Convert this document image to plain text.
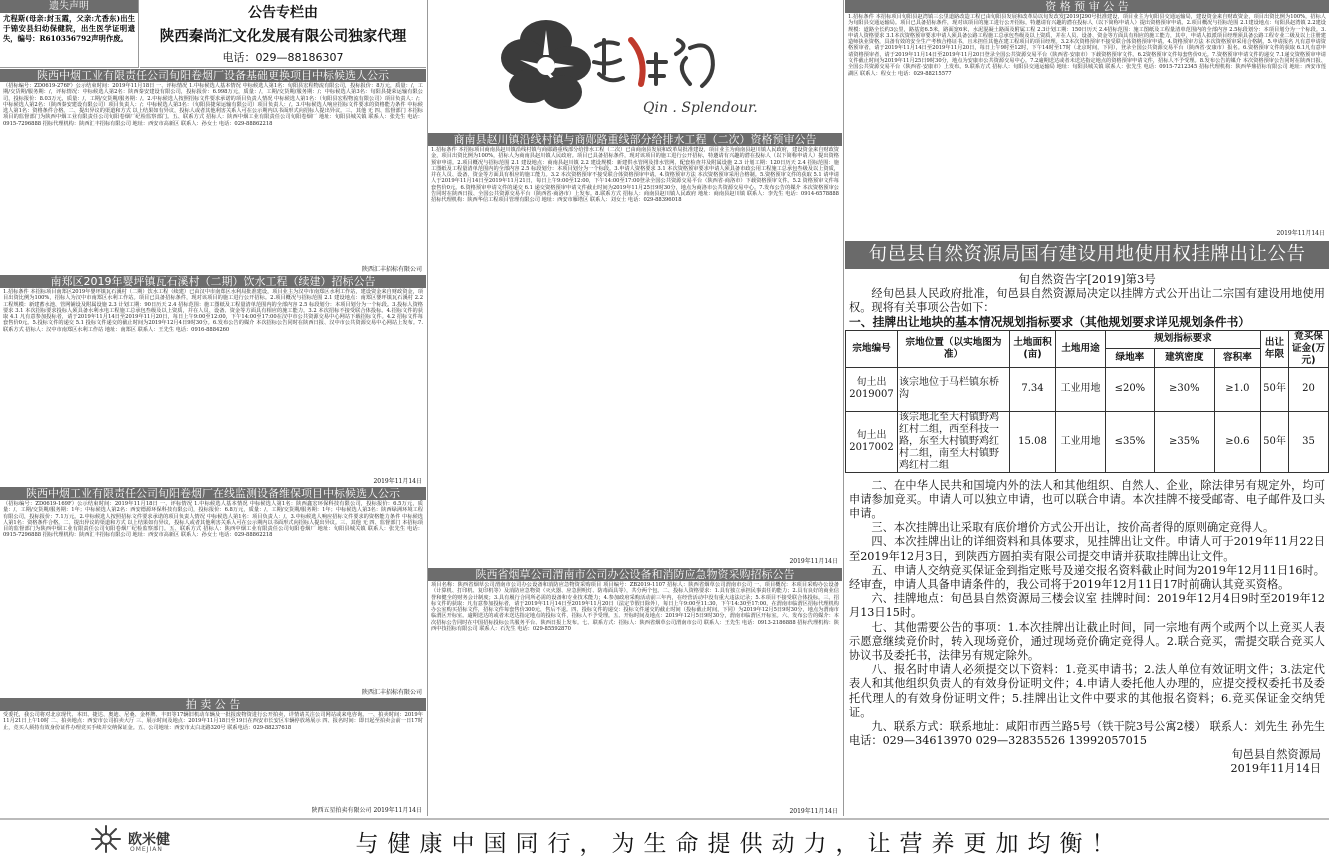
遗失声明
尤程斯(母亲:封玉霞，父亲:尤香东)出生于锦安县妇幼保健院，出生医学证明遗失，编号：R610356792声明作废。
公告专栏由
陕西秦尚汇文化发展有限公司独家代理
电话：029—88186307
陕西中烟工业有限责任公司旬阳卷烟厂设备基础更换项目中标候选人公示
（招标编号：ZD0619-276F）公示结束时间：2019年11月18日 一、评标情况 1.中标候选人基本情况 中标候选人第1名：旬阳县宏程物流有限公司，投标报价：8万元，质量：/，工期/交货期/服务期：/，评标情况：中标候选人第2名：陕西秦安建设有限公司，投标报价：6.998万元，质量：/，工期/交货期/服务期：/；中标候选人第3名：旬阳县捷荣运输有限公司，投标报价：8.03万元，质量：/，工期/交货期/服务期：/。2.中标候选人按照招标文件要求承诺的项目负责人情况 中标候选人第1名：（旬阳县宏程物流有限公司）项目负责人：/；中标候选人第2名：（陕西秦安建设有限公司）项目负责人：/；中标候选人第3名：（旬阳县捷荣运输有限公司）项目负责人：/。3.中标候选人响应招标文件要求的资格能力条件 中标候选人第1名：资格条件合格。二、提出异议的渠道和方式 以上结果如有异议，投标人或者其他利害关系人可在公示期内以书面形式向招标人提出异议。三、其他 无 四、监督部门 本招标项目的监督部门为陕西中烟工业有限责任公司旬阳卷烟厂纪检监察部门。五、联系方式 招标人：陕西中烟工业有限责任公司旬阳卷烟厂 地址：旬阳县城关镇 联系人：张先生 电话：0915-7296888 招标代理机构：陕西汇丰招标有限公司 地址：西安市高新区 联系人：孙女士 电话：029-88862218
陕西汇丰招标有限公司
南郑区2019年婴坪镇瓦石溪村（二期）饮水工程（续建）招标公告
1.招标条件 本招标项目南郑区2019年婴坪镇瓦石溪村（二期）饮水工程（续建）已由汉中市南郑区水利局批准建设，项目业主为汉中市南郑区水利工作站，建设资金来自财政资金，项目出资比例为100%，招标人为汉中市南郑区水利工作站。项目已具备招标条件，现对该项目的施工进行公开招标。2.项目概况与招标范围 2.1 建设地点：南郑区婴坪镇瓦石溪村 2.2 工程规模：新建蓄水池、管网铺设及附属设施 2.3 计划工期：90日历天 2.4 招标范围：施工图纸及工程量清单范围内的全部内容 2.5 标段划分：本项目划分为一个标段。3.投标人资格要求 3.1 本次招标要求投标人须具备水利水电工程施工总承包叁级及以上资质，并在人员、设备、资金等方面具有相应的施工能力。3.2 本次招标不接受联合体投标。4.招标文件的获取 4.1 凡有意参加投标者，请于2019年11月14日至2019年11月20日，每日上午9:00至12:00，下午14:00至17:00在汉中市公共资源交易中心网站下载招标文件。4.2 招标文件每套售价0元。5.投标文件的递交 5.1 投标文件递交的截止时间为2019年12月4日9时30分。6.发布公告的媒介 本次招标公告同时在陕西日报、汉中市公共资源交易中心网站上发布。7.联系方式 招标人：汉中市南郑区水利工作站 地址：南郑区 联系人：王先生 电话：0916-8884260
2019年11月14日
陕西中烟工业有限责任公司旬阳卷烟厂在线监测设备维保项目中标候选人公示
（招标编号：ZD0619-169F）公示结束时间：2019年11月18日 一、评标情况 1.中标候选人基本情况 中标候选人第1名：陕西鑫宏环保科技有限公司，投标报价：6.5万元，质量：/，工期/交货期/服务期：1年；中标候选人第2名：西安德源环保科技有限公司，投标报价：6.8万元，质量：/，工期/交货期/服务期：1年；中标候选人第3名：陕西绿洲环境工程有限公司，投标报价：7.1万元。2.中标候选人按照招标文件要求承诺的项目负责人情况 中标候选人第1名：项目负责人：/。3.中标候选人响应招标文件要求的资格能力条件 中标候选人第1名：资格条件合格。二、提出异议的渠道和方式 以上结果如有异议，投标人或者其他利害关系人可在公示期内以书面形式向招标人提出异议。三、其他 无 四、监督部门 本招标项目的监督部门为陕西中烟工业有限责任公司旬阳卷烟厂纪检监察部门。五、联系方式 招标人：陕西中烟工业有限责任公司旬阳卷烟厂 地址：旬阳县城关镇 联系人：张先生 电话：0915-7296888 招标代理机构：陕西汇丰招标有限公司 地址：西安市高新区 联系人：孙女士 电话：029-88862218
陕西汇丰招标有限公司
拍 卖 公 告
受委托，我公司将对北京现代、本田、捷达、奥迪、尼桑、金杯牌、丰田等17辆旧机动车辆及一批报废物资进行公开拍卖，详情请关注公司网站或来电咨询。一、拍卖时间：2019年11月21日上午10时 二、拍卖地点：西安市公司拍卖大厅 三、展示时间及地点：2019年11月18日至19日在西安市长安区车辆停放场展示 四、报名时间：即日起至拍卖会前一日17时止，竞买人须持有效身份证件办理竞买手续并交纳保证金。五、公司地址：西安市太白北路320号 联系电话：029-88237618
陕西五星拍卖有限公司 2019年11月14日
Qin . Splendour.
商南县赵川镇沿线村镇与商郧路重线部分给排水工程（二次）资格预审公告
1.招标条件 本招标项目商南县赵川镇沿线村镇与商郧路重线部分给排水工程（二次）已由商南县发展和改革局批准建设，项目业主为商南县赵川镇人民政府，建设资金来自财政资金，项目出资比例为100%，招标人为商南县赵川镇人民政府。项目已具备招标条件，现对该项目的施工进行公开招标，特邀请有兴趣的潜在投标人（以下简称申请人）提出资格预审申请。2.项目概况与招标范围 2.1 建设地点：商南县赵川镇 2.2 建设规模：新建供水管网及排水管网、配套检查井及附属设施 2.3 计划工期：120日历天 2.4 招标范围：施工图纸及工程量清单范围内的全部内容 2.5 标段划分：本项目划分为一个标段。3.申请人资格要求 3.1 本次资格预审要求申请人须具备市政公用工程施工总承包叁级及以上资质，并在人员、设备、资金等方面具有相应的施工能力。3.2 本次资格预审不接受联合体资格预审申请。4.资格预审方法 本次资格预审采用合格制。5.资格预审文件的获取 5.1 请申请人于2019年11月14日至2019年11月21日，每日上午9:00至12:00，下午14:00至17:00登录全国公共资源交易平台（陕西省·商洛市）下载资格预审文件。5.2 资格预审文件每套售价0元。6.资格预审申请文件的递交 6.1 递交资格预审申请文件截止时间为2019年11月25日9时30分，地点为商洛市公共资源交易中心。7.发布公告的媒介 本次资格预审公告同时在陕西日报、全国公共资源交易平台（陕西省·商洛市）上发布。8.联系方式 招标人：商南县赵川镇人民政府 地址：商南县赵川镇 联系人：李先生 电话：0914-6578888 招标代理机构：陕西华信工程项目管理有限公司 地址：西安市雁塔区 联系人：刘女士 电话：029-88396018
2019年11月14日
陕西省烟草公司渭南市公司办公设备和消防应急物资采购招标公告
项目名称：陕西省烟草公司渭南市公司办公设备和消防应急物资采购项目 项目编号：ZB2019-1107 招标人：陕西省烟草公司渭南市公司 一、项目概况：本项目采购办公设备（计算机、打印机、复印机等）及消防应急物资（灭火器、应急照明灯、防毒面具等），共分两个包。二、投标人资格要求：1.具有独立承担民事责任的能力；2.具有良好的商业信誉和健全的财务会计制度；3.具有履行合同所必需的设备和专业技术能力；4.参加政府采购活动前三年内，在经营活动中没有重大违法记录；5.本项目不接受联合体投标。三、招标文件的获取：凡有意参加投标者，请于2019年11月14日至2019年11月20日（法定节假日除外），每日上午9:00至11:30，下午14:30至17:00，在渭南市临渭区招标代理机构办公室购买招标文件，招标文件每套售价300元，售后不退。四、投标文件的递交：投标文件递交的截止时间（投标截止时间，下同）为2019年12月5日9时30分，地点为渭南市临渭区开标室。逾期送达的或者未送达指定地点的投标文件，招标人不予受理。五、开标时间及地点：2019年12月5日9时30分，渭南市临渭区开标室。六、发布公告的媒介：本次招标公告同时在中国招标投标公共服务平台、陕西日报上发布。七、联系方式：招标人：陕西省烟草公司渭南市公司 联系人：王先生 电话：0913-2186888 招标代理机构：陕西中技招标有限公司 联系人：石先生 电话：029-85592870
2019年11月14日
资 格 预 审 公 告
1.招标条件 本招标项目旬阳县赵湾镇三公里道路改造工程已由旬阳县发展和改革局以旬发改发[2019]290号批准建设，项目业主为旬阳县交通运输局，建设资金来自财政资金，项目出资比例为100%，招标人为旬阳县交通运输局。项目已具备招标条件，现对该项目的施工进行公开招标，特邀请有兴趣的潜在投标人（以下简称申请人）提出资格预审申请。2.项目概况与招标范围 2.1建设地点：旬阳县赵湾镇 2.2建设规模：道路全长约3公里，路基宽6.5米，路面宽6米，水泥混凝土路面及附属工程 2.3计划工期：150日历天 2.4招标范围：施工图纸及工程量清单范围内的全部内容 2.5标段划分：本项目划分为一个标段。3.申请人资格要求 3.1本次资格预审要求申请人须具备公路工程施工总承包叁级及以上资质，并在人员、设备、资金等方面具有相应的施工能力，其中，申请人拟派项目经理须具备公路工程专业二级及以上注册建造师执业资格，具备有效的安全生产考核合格证书，且未担任其他在建工程项目的项目经理。3.2本次资格预审不接受联合体资格预审申请。4.资格预审方法 本次资格预审采用合格制。5.申请报名 凡有意申请资格预审者，请于2019年11月14日至2019年11月20日，每日上午9时至12时，下午14时至17时（北京时间，下同），登录全国公共资源交易平台（陕西省·安康市）报名。6.资格预审文件的获取 6.1凡有意申请资格预审者，请于2019年11月14日至2019年11月20日登录全国公共资源交易平台（陕西省·安康市）下载资格预审文件。6.2资格预审文件每套售价0元。7.资格预审申请文件的递交 7.1递交资格预审申请文件截止时间为2019年11月25日9时30分，地点为安康市公共资源交易中心。7.2逾期送达或者未送达指定地点的资格预审申请文件，招标人不予受理。8.发布公告的媒介 本次资格预审公告同时在陕西日报、全国公共资源交易平台（陕西省·安康市）上发布。9.联系方式 招标人：旬阳县交通运输局 地址：旬阳县城关镇 联系人：张先生 电话：0915-7212345 招标代理机构：陕西华鼎招标有限公司 地址：西安市莲湖区 联系人：程女士 电话：029-88215577
2019年11月14日
旬邑县自然资源局国有建设用地使用权挂牌出让公告
旬自然资告字[2019]第3号
经旬邑县人民政府批准，旬邑县自然资源局决定以挂牌方式公开出让二宗国有建设用地使用权。现将有关事项公告如下：
一、挂牌出让地块的基本情况规划指标要求（其他规划要求详见规划条件书）
宗地编号	宗地位置（以实地图为准）	土地面积(亩)	土地用途	规划指标要求			出让年限	竞买保证金(万元)
				绿地率	建筑密度	容积率		
旬土出2019007	该宗地位于马栏镇东桥沟	7.34	工业用地	≤20%	≥30%	≥1.0	50年	20
旬土出2017002	该宗地北至大村镇野鸡红村二组，西至科技一路，东至大村镇野鸡红村二组，南至大村镇野鸡红村二组	15.08	工业用地	≤35%	≥35%	≥0.6	50年	35
二、在中华人民共和国境内外的法人和其他组织、自然人、企业，除法律另有规定外，均可申请参加竞买。申请人可以独立申请，也可以联合申请。本次挂牌不接受邮寄、电子邮件及口头申请。
三、本次挂牌出让采取有底价增价方式公开出让，按价高者得的原则确定竞得人。
四、本次挂牌出让的详细资料和具体要求，见挂牌出让文件。申请人可于2019年11月22日至2019年12月3日，到陕西方圆拍卖有限公司提交申请并获取挂牌出让文件。
五、申请人交纳竞买保证金到指定账号及递交报名资料截止时间为2019年12月11日16时。经审查，申请人具备申请条件的，我公司将于2019年12月11日17时前确认其竞买资格。
六、挂牌地点：旬邑县自然资源局三楼会议室 挂牌时间：2019年12月4日9时至2019年12月13日15时。
七、其他需要公告的事项：1.本次挂牌出让截止时间，同一宗地有两个或两个以上竞买人表示愿意继续竞价时，转入现场竞价，通过现场竞价确定竞得人。2.联合竞买，需提交联合竞买人协议书及委托书，法律另有规定除外。
八、报名时申请人必须提交以下资料：1.竞买申请书；2.法人单位有效证明文件；3.法定代表人和其他组织负责人的有效身份证明文件；4.申请人委托他人办理的，应提交授权委托书及委托代理人的有效身份证明文件；5.挂牌出让文件中要求的其他报名资料；6.竞买保证金交纳凭证。
九、联系方式：联系地址：咸阳市西兰路5号（铁干院3号公寓2楼） 联系人：刘先生 孙先生 电话：029—34613970 029—32835526 13992057015
旬邑县自然资源局
2019年11月14日
欧米健
OMEJIAN	与健康中国同行，为生命提供动力，让营养更加均衡！
